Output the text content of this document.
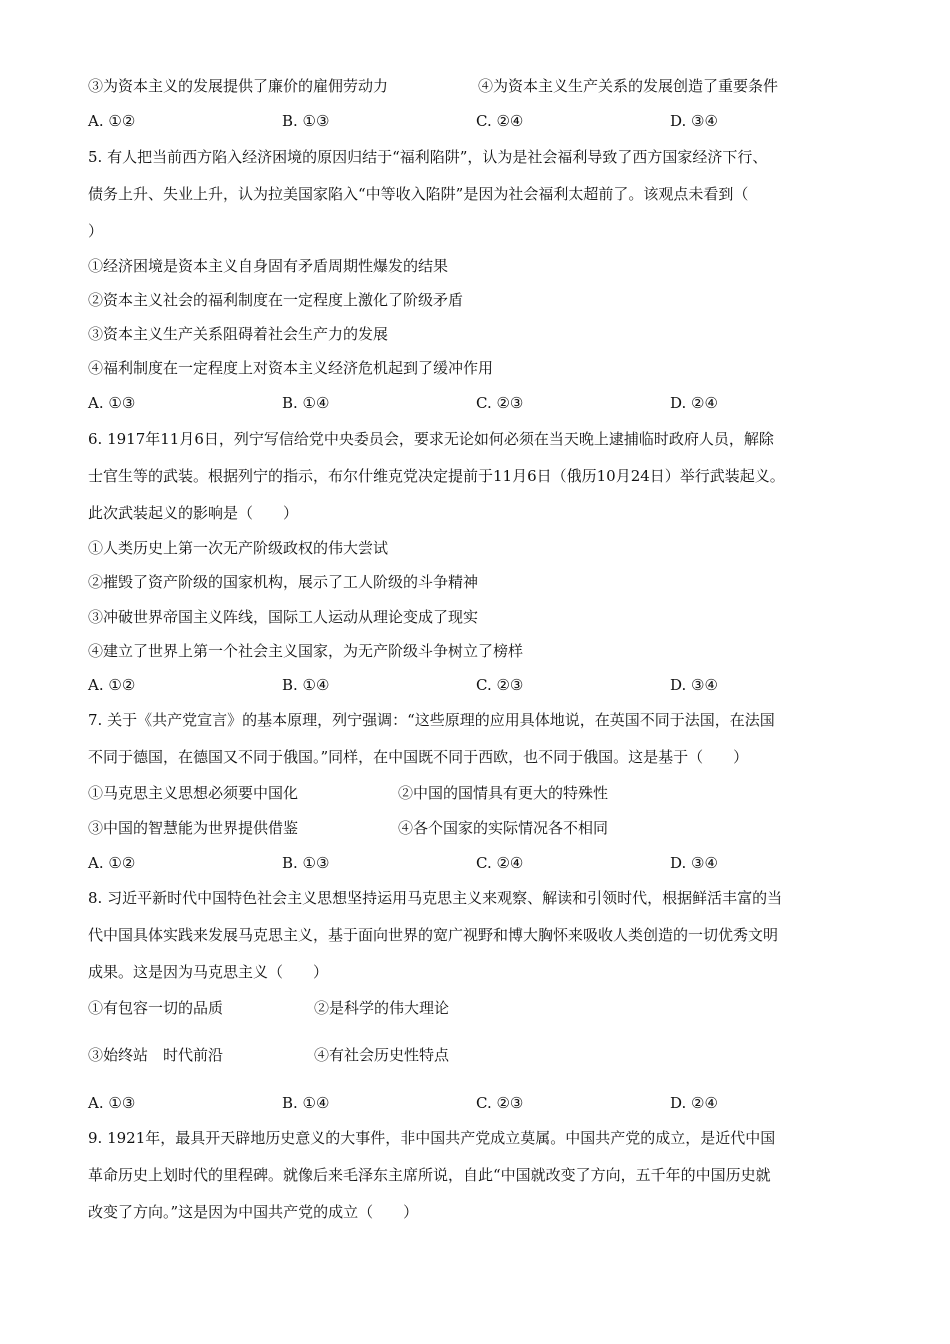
③为资本主义的发展提供了廉价的雇佣劳动力	④为资本主义生产关系的发展创造了重要条件
A. ①②	B. ①③	C. ②④	D. ③④
5. 有人把当前西方陷入经济困境的原因归结于“福利陷阱”，认为是社会福利导致了西方国家经济下行、
债务上升、失业上升，认为拉美国家陷入“中等收入陷阱”是因为社会福利太超前了。该观点未看到（
）
①经济困境是资本主义自身固有矛盾周期性爆发的结果
②资本主义社会的福利制度在一定程度上激化了阶级矛盾
③资本主义生产关系阻碍着社会生产力的发展
④福利制度在一定程度上对资本主义经济危机起到了缓冲作用
A. ①③	B. ①④	C. ②③	D. ②④
6. 1917年11月6日，列宁写信给党中央委员会，要求无论如何必须在当天晚上逮捕临时政府人员，解除
士官生等的武装。根据列宁的指示，布尔什维克党决定提前于11月6日（俄历10月24日）举行武装起义。
此次武装起义的影响是（　　）
①人类历史上第一次无产阶级政权的伟大尝试
②摧毁了资产阶级的国家机构，展示了工人阶级的斗争精神
③冲破世界帝国主义阵线，国际工人运动从理论变成了现实
④建立了世界上第一个社会主义国家，为无产阶级斗争树立了榜样
A. ①②	B. ①④	C. ②③	D. ③④
7. 关于《共产党宣言》的基本原理，列宁强调：“这些原理的应用具体地说，在英国不同于法国，在法国
不同于德国，在德国又不同于俄国。”同样，在中国既不同于西欧，也不同于俄国。这是基于（　　）
①马克思主义思想必须要中国化	②中国的国情具有更大的特殊性
③中国的智慧能为世界提供借鉴	④各个国家的实际情况各不相同
A. ①②	B. ①③	C. ②④	D. ③④
8. 习近平新时代中国特色社会主义思想坚持运用马克思主义来观察、解读和引领时代，根据鲜活丰富的当
代中国具体实践来发展马克思主义，基于面向世界的宽广视野和博大胸怀来吸收人类创造的一切优秀文明
成果。这是因为马克思主义（　　）
①有包容一切的品质	②是科学的伟大理论
③始终站　时代前沿	④有社会历史性特点
A. ①③	B. ①④	C. ②③	D. ②④
9. 1921年，最具开天辟地历史意义的大事件，非中国共产党成立莫属。中国共产党的成立，是近代中国
革命历史上划时代的里程碑。就像后来毛泽东主席所说，自此“中国就改变了方向，五千年的中国历史就
改变了方向。”这是因为中国共产党的成立（　　）
